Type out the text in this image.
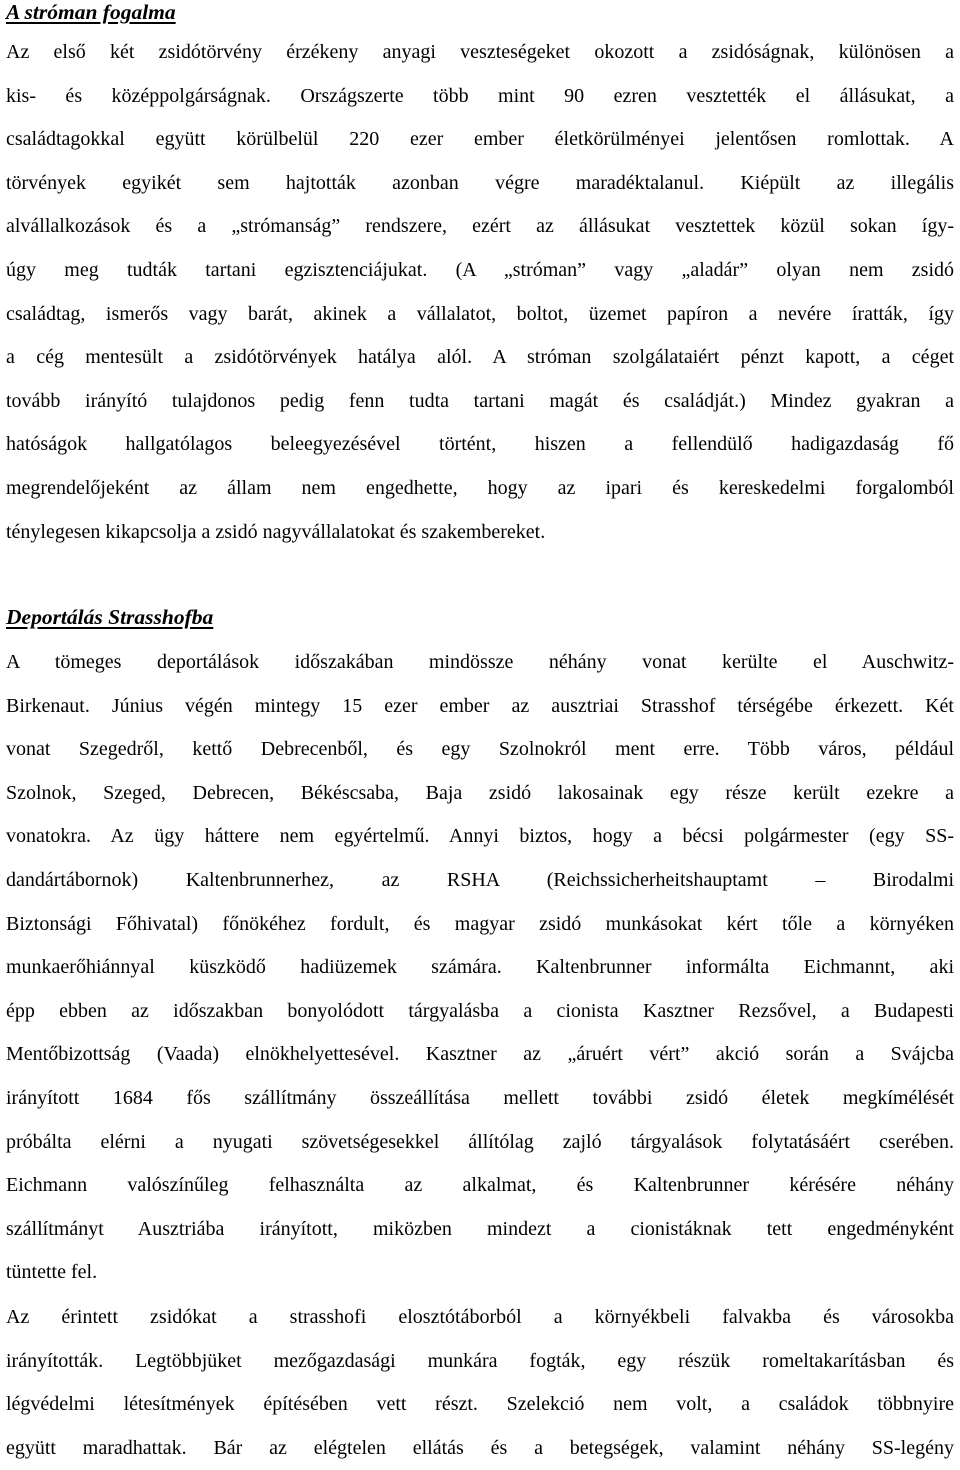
A stróman fogalma
Az első két zsidótörvény érzékeny anyagi veszteségeket okozott a zsidóságnak, különösen a
kis- és középpolgárságnak. Országszerte több mint 90 ezren vesztették el állásukat, a
családtagokkal együtt körülbelül 220 ezer ember életkörülményei jelentősen romlottak. A
törvények egyikét sem hajtották azonban végre maradéktalanul. Kiépült az illegális
alvállalkozások és a „strómanság” rendszere, ezért az állásukat vesztettek közül sokan így-
úgy meg tudták tartani egzisztenciájukat. (A „stróman” vagy „aladár” olyan nem zsidó
családtag, ismerős vagy barát, akinek a vállalatot, boltot, üzemet papíron a nevére íratták, így
a cég mentesült a zsidótörvények hatálya alól. A stróman szolgálataiért pénzt kapott, a céget
tovább irányító tulajdonos pedig fenn tudta tartani magát és családját.) Mindez gyakran a
hatóságok hallgatólagos beleegyezésével történt, hiszen a fellendülő hadigazdaság fő
megrendelőjeként az állam nem engedhette, hogy az ipari és kereskedelmi forgalomból
ténylegesen kikapcsolja a zsidó nagyvállalatokat és szakembereket.
Deportálás Strasshofba
A tömeges deportálások időszakában mindössze néhány vonat kerülte el Auschwitz-
Birkenaut. Június végén mintegy 15 ezer ember az ausztriai Strasshof térségébe érkezett. Két
vonat Szegedről, kettő Debrecenből, és egy Szolnokról ment erre. Több város, például
Szolnok, Szeged, Debrecen, Békéscsaba, Baja zsidó lakosainak egy része került ezekre a
vonatokra. Az ügy háttere nem egyértelmű. Annyi biztos, hogy a bécsi polgármester (egy SS-
dandártábornok) Kaltenbrunnerhez, az RSHA (Reichssicherheitshauptamt – Birodalmi
Biztonsági Főhivatal) főnökéhez fordult, és magyar zsidó munkásokat kért tőle a környéken
munkaerőhiánnyal küszködő hadiüzemek számára. Kaltenbrunner informálta Eichmannt, aki
épp ebben az időszakban bonyolódott tárgyalásba a cionista Kasztner Rezsővel, a Budapesti
Mentőbizottság (Vaada) elnökhelyettesével. Kasztner az „áruért vért” akció során a Svájcba
irányított 1684 fős szállítmány összeállítása mellett további zsidó életek megkímélését
próbálta elérni a nyugati szövetségesekkel állítólag zajló tárgyalások folytatásáért cserében.
Eichmann valószínűleg felhasználta az alkalmat, és Kaltenbrunner kérésére néhány
szállítmányt Ausztriába irányított, miközben mindezt a cionistáknak tett engedményként
tüntette fel.
Az érintett zsidókat a strasshofi elosztótáborból a környékbeli falvakba és városokba
irányították. Legtöbbjüket mezőgazdasági munkára fogták, egy részük romeltakarításban és
légvédelmi létesítmények építésében vett részt. Szelekció nem volt, a családok többnyire
együtt maradhattak. Bár az elégtelen ellátás és a betegségek, valamint néhány SS-legény
